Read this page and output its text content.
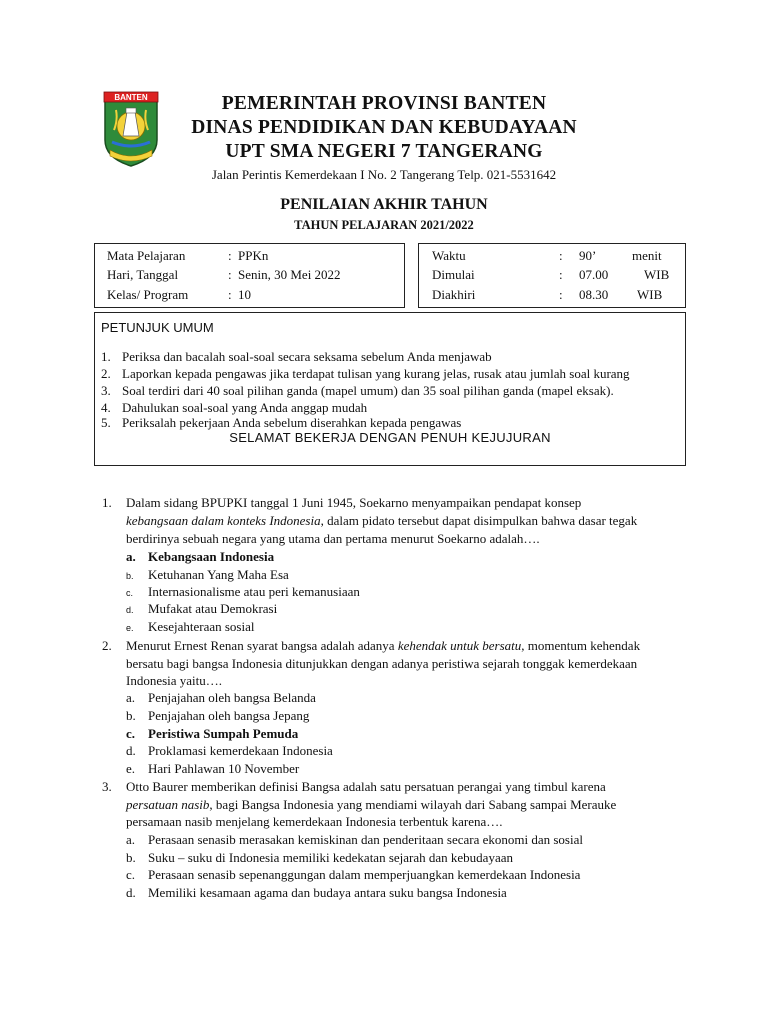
BANTEN	PEMERINTAH PROVINSI BANTEN
DINAS PENDIDIKAN DAN KEBUDAYAAN
UPT SMA NEGERI 7 TANGERANG
Jalan Perintis Kemerdekaan I No. 2 Tangerang Telp. 021-5531642
PENILAIAN AKHIR TAHUN
TAHUN PELAJARAN 2021/2022
Mata Pelajaran	: PPKn
Hari, Tanggal	: Senin, 30 Mei 2022
Kelas/ Program	: 10
Waktu	: 90’	menit
Dimulai	: 07.00	WIB
Diakhiri	: 08.30 WIB
PETUNJUK UMUM
1. Periksa dan bacalah soal-soal secara seksama sebelum Anda menjawab
2. Laporkan kepada pengawas jika terdapat tulisan yang kurang jelas, rusak atau jumlah soal kurang
3. Soal terdiri dari 40 soal pilihan ganda (mapel umum) dan 35 soal pilihan ganda (mapel eksak).
4. Dahulukan soal-soal yang Anda anggap mudah
5. Periksalah pekerjaan Anda sebelum diserahkan kepada pengawas
SELAMAT BEKERJA DENGAN PENUH KEJUJURAN
1. Dalam sidang BPUPKI tanggal 1 Juni 1945, Soekarno menyampaikan pendapat konsep
kebangsaan dalam konteks Indonesia, dalam pidato tersebut dapat disimpulkan bahwa dasar tegak
berdirinya sebuah negara yang utama dan pertama menurut Soekarno adalah….
a. Kebangsaan Indonesia
b. Ketuhanan Yang Maha Esa
c. Internasionalisme atau peri kemanusiaan
d. Mufakat atau Demokrasi
e. Kesejahteraan sosial
2. Menurut Ernest Renan syarat bangsa adalah adanya kehendak untuk bersatu, momentum kehendak
bersatu bagi bangsa Indonesia ditunjukkan dengan adanya peristiwa sejarah tonggak kemerdekaan
Indonesia yaitu….
a. Penjajahan oleh bangsa Belanda
b. Penjajahan oleh bangsa Jepang
c. Peristiwa Sumpah Pemuda
d. Proklamasi kemerdekaan Indonesia
e. Hari Pahlawan 10 November
3. Otto Baurer memberikan definisi Bangsa adalah satu persatuan perangai yang timbul karena
persatuan nasib, bagi Bangsa Indonesia yang mendiami wilayah dari Sabang sampai Merauke
persamaan nasib menjelang kemerdekaan Indonesia terbentuk karena….
a. Perasaan senasib merasakan kemiskinan dan penderitaan secara ekonomi dan sosial
b. Suku – suku di Indonesia memiliki kedekatan sejarah dan kebudayaan
c. Perasaan senasib sepenanggungan dalam memperjuangkan kemerdekaan Indonesia
d. Memiliki kesamaan agama dan budaya antara suku bangsa Indonesia
